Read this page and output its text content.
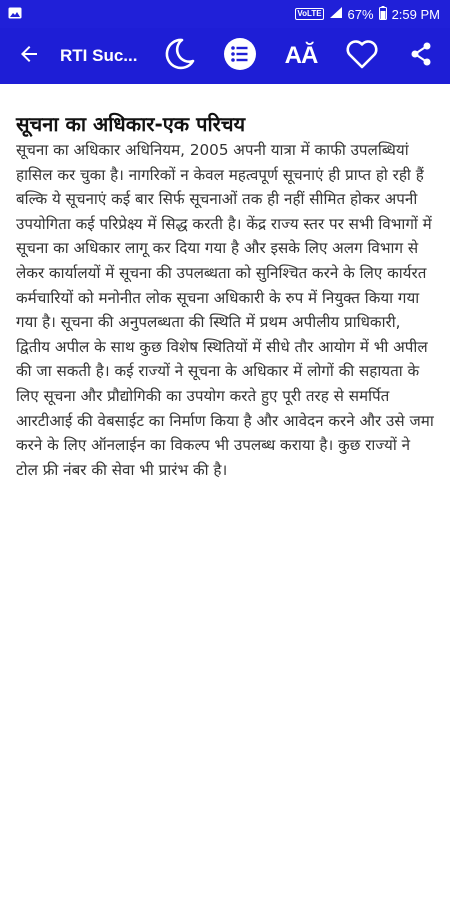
VoLTE 67% 2:59 PM
RTI Suc...	AĂ
सूचना का अधिकार-एक परिचय

सूचना का अधिकार अधिनियम, 2005 अपनी यात्रा में काफी उपलब्धियां हासिल कर चुका है। नागरिकों न केवल महत्वपूर्ण सूचनाएं ही प्राप्त हो रही हैं बल्कि ये सूचनाएं कई बार सिर्फ सूचनाओं तक ही नहीं सीमित होकर अपनी उपयोगिता कई परिप्रेक्ष्य में सिद्ध करती है। केंद्र राज्य स्तर पर सभी विभागों में सूचना का अधिकार लागू कर दिया गया है और इसके लिए अलग विभाग से लेकर कार्यालयों में सूचना की उपलब्धता को सुनिश्चित करने के लिए कार्यरत कर्मचारियों को मनोनीत लोक सूचना अधिकारी के रुप में नियुक्त किया गया गया है। सूचना की अनुपलब्धता की स्थिति में प्रथम अपीलीय प्राधिकारी, द्वितीय अपील के साथ कुछ विशेष स्थितियों में सीधे तौर आयोग में भी अपील की जा सकती है। कई राज्यों ने सूचना के अधिकार में लोगों की सहायता के लिए सूचना और प्रौद्योगिकी का उपयोग करते हुए पूरी तरह से समर्पित आरटीआई की वेबसाईट का निर्माण किया है और आवेदन करने और उसे जमा करने के लिए ऑनलाईन का विकल्प भी उपलब्ध कराया है। कुछ राज्यों ने टोल फ्री नंबर की सेवा भी प्रारंभ की है।
